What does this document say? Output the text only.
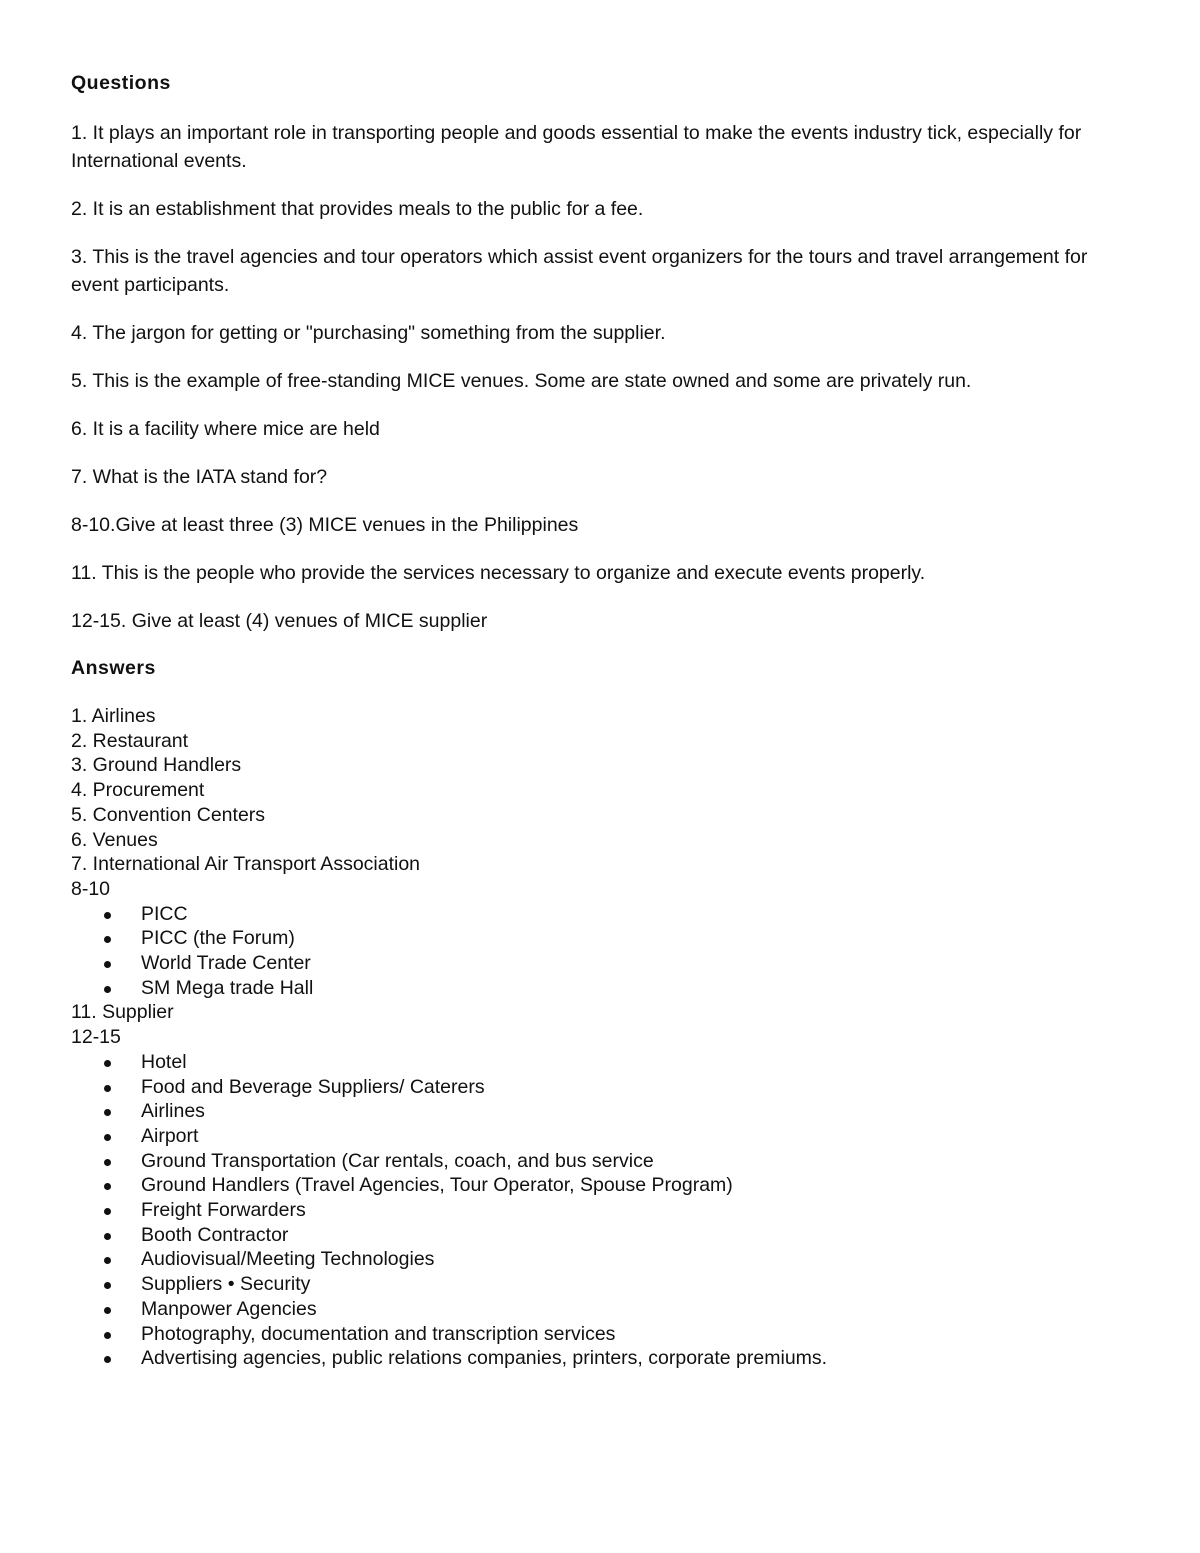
Questions

1. It plays an important role in transporting people and goods essential to make the events industry tick, especially for International events.

2. It is an establishment that provides meals to the public for a fee.

3. This is the travel agencies and tour operators which assist event organizers for the tours and travel arrangement for event participants.

4. The jargon for getting or "purchasing" something from the supplier.

5. This is the example of free-standing MICE venues. Some are state owned and some are privately run.

6. It is a facility where mice are held

7. What is the IATA stand for?

8-10.Give at least three (3) MICE venues in the Philippines

11. This is the people who provide the services necessary to organize and execute events properly.

12-15. Give at least (4) venues of MICE supplier

Answers

1. Airlines

2. Restaurant

3. Ground Handlers

4. Procurement

5. Convention Centers

6. Venues

7. International Air Transport Association

8-10

PICC
PICC (the Forum)
World Trade Center
SM Mega trade Hall

11. Supplier

12-15

Hotel
Food and Beverage Suppliers/ Caterers
Airlines
Airport
Ground Transportation (Car rentals, coach, and bus service
Ground Handlers (Travel Agencies, Tour Operator, Spouse Program)
Freight Forwarders
Booth Contractor
Audiovisual/Meeting Technologies
Suppliers • Security
Manpower Agencies
Photography, documentation and transcription services
Advertising agencies, public relations companies, printers, corporate premiums.
